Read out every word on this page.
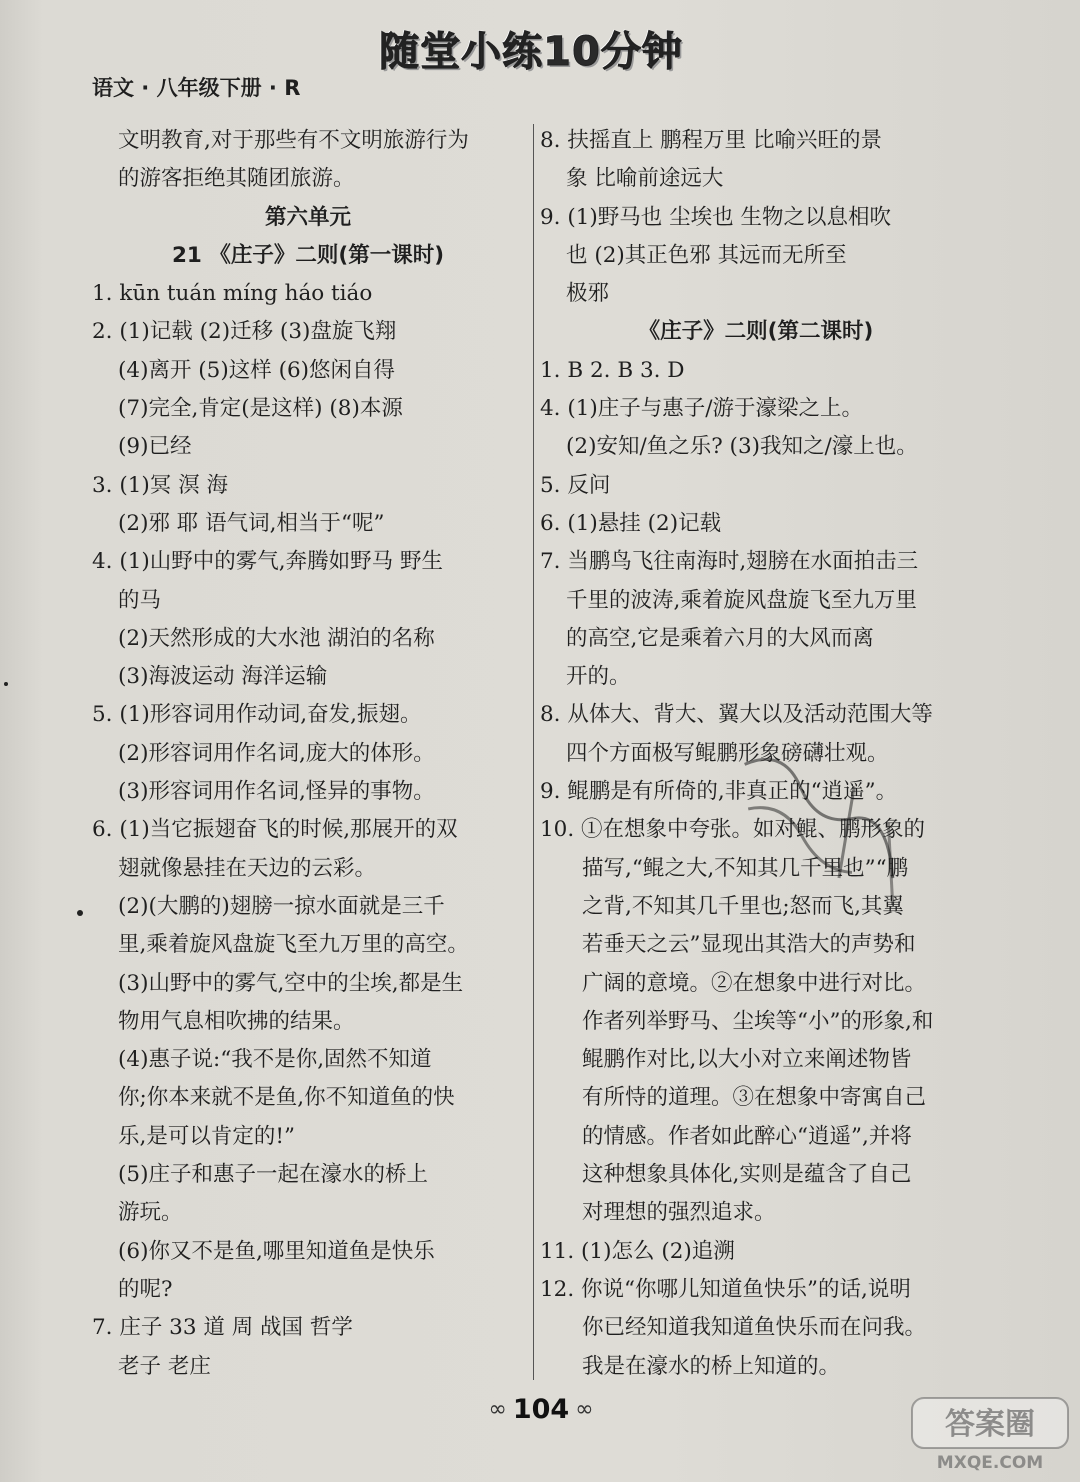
随堂小练10分钟
语文 · 八年级下册 · R
文明教育,对于那些有不文明旅游行为
的游客拒绝其随团旅游。
第六单元
21 《庄子》二则(第一课时)
1. kūn tuán míng háo tiáo
2. (1)记载 (2)迁移 (3)盘旋飞翔
(4)离开 (5)这样 (6)悠闲自得
(7)完全,肯定(是这样) (8)本源
(9)已经
3. (1)冥 溟 海
(2)邪 耶 语气词,相当于“呢”
4. (1)山野中的雾气,奔腾如野马 野生
的马
(2)天然形成的大水池 湖泊的名称
(3)海波运动 海洋运输
5. (1)形容词用作动词,奋发,振翅。
(2)形容词用作名词,庞大的体形。
(3)形容词用作名词,怪异的事物。
6. (1)当它振翅奋飞的时候,那展开的双
翅就像悬挂在天边的云彩。
(2)(大鹏的)翅膀一掠水面就是三千
里,乘着旋风盘旋飞至九万里的高空。
(3)山野中的雾气,空中的尘埃,都是生
物用气息相吹拂的结果。
(4)惠子说:“我不是你,固然不知道
你;你本来就不是鱼,你不知道鱼的快
乐,是可以肯定的!”
(5)庄子和惠子一起在濠水的桥上
游玩。
(6)你又不是鱼,哪里知道鱼是快乐
的呢?
7. 庄子 33 道 周 战国 哲学
老子 老庄
8. 扶摇直上 鹏程万里 比喻兴旺的景
象 比喻前途远大
9. (1)野马也 尘埃也 生物之以息相吹
也 (2)其正色邪 其远而无所至
极邪
《庄子》二则(第二课时)
1. B 2. B 3. D
4. (1)庄子与惠子/游于濠梁之上。
(2)安知/鱼之乐? (3)我知之/濠上也。
5. 反问
6. (1)悬挂 (2)记载
7. 当鹏鸟飞往南海时,翅膀在水面拍击三
千里的波涛,乘着旋风盘旋飞至九万里
的高空,它是乘着六月的大风而离
开的。
8. 从体大、背大、翼大以及活动范围大等
四个方面极写鲲鹏形象磅礴壮观。
9. 鲲鹏是有所倚的,非真正的“逍遥”。
10. ①在想象中夸张。如对鲲、鹏形象的
描写,“鲲之大,不知其几千里也”“鹏
之背,不知其几千里也;怒而飞,其翼
若垂天之云”显现出其浩大的声势和
广阔的意境。②在想象中进行对比。
作者列举野马、尘埃等“小”的形象,和
鲲鹏作对比,以大小对立来阐述物皆
有所恃的道理。③在想象中寄寓自己
的情感。作者如此醉心“逍遥”,并将
这种想象具体化,实则是蕴含了自己
对理想的强烈追求。
11. (1)怎么 (2)追溯
12. 你说“你哪儿知道鱼快乐”的话,说明
你已经知道我知道鱼快乐而在问我。
我是在濠水的桥上知道的。
∞ 104 ∞	答案圈
MXQE.COM
